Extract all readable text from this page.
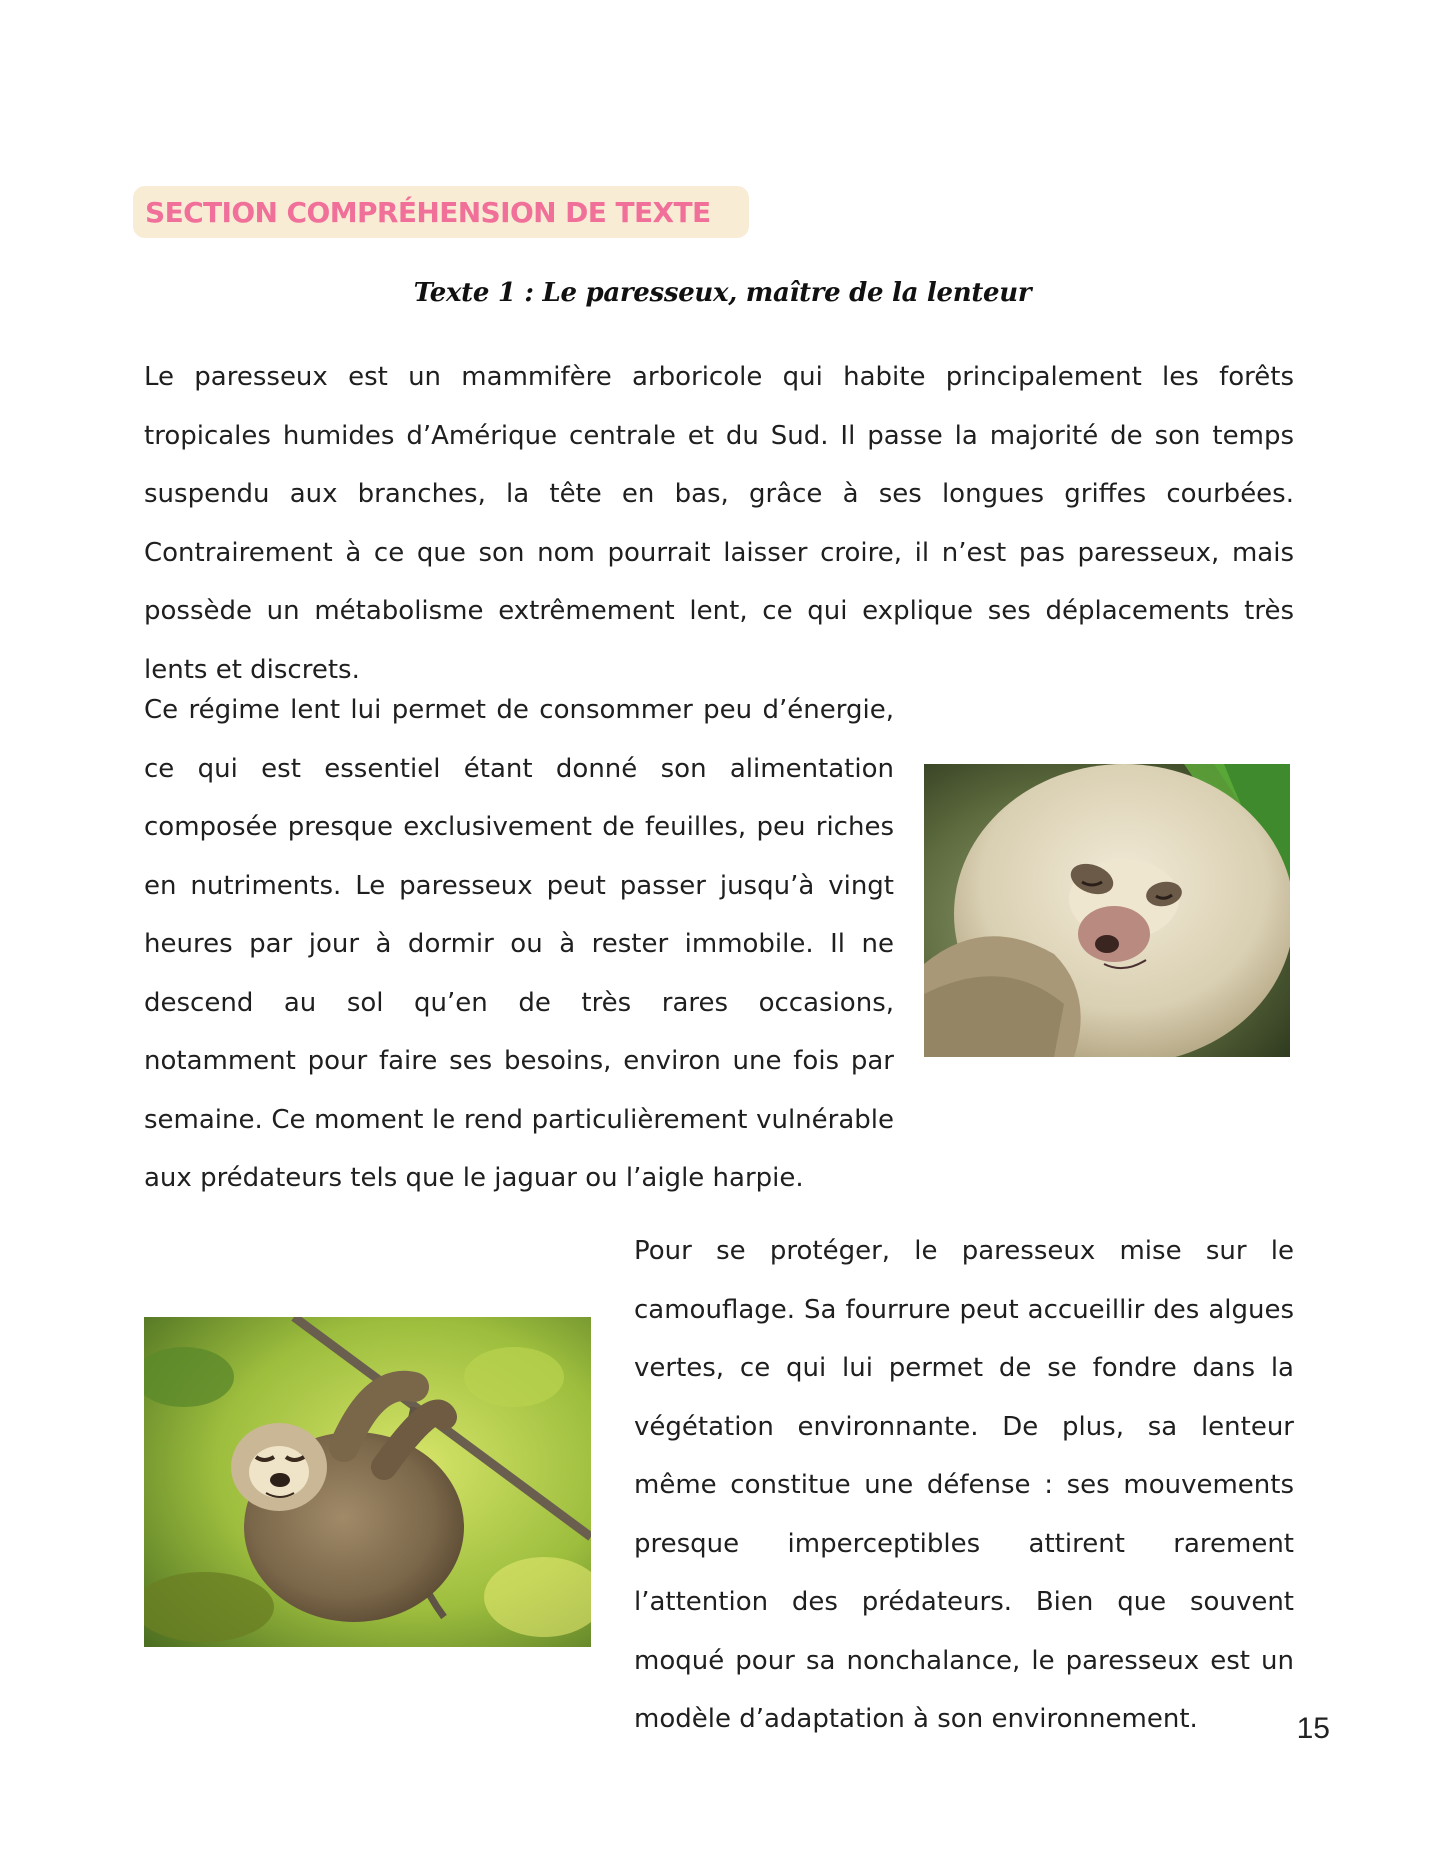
SECTION COMPRÉHENSION DE TEXTE
Texte 1 : Le paresseux, maître de la lenteur

Le paresseux est un mammifère arboricole qui habite principalement les forêts tropicales humides d’Amérique centrale et du Sud. Il passe la majorité de son temps suspendu aux branches, la tête en bas, grâce à ses longues griffes courbées. Contrairement à ce que son nom pourrait laisser croire, il n’est pas paresseux, mais possède un métabolisme extrêmement lent, ce qui explique ses déplacements très lents et discrets.

Ce régime lent lui permet de consommer peu d’énergie, ce qui est essentiel étant donné son alimentation composée presque exclusivement de feuilles, peu riches en nutriments. Le paresseux peut passer jusqu’à vingt heures par jour à dormir ou à rester immobile. Il ne descend au sol qu’en de très rares occasions, notamment pour faire ses besoins, environ une fois par semaine. Ce moment le rend particulièrement vulnérable aux prédateurs tels que le jaguar ou l’aigle harpie.

Pour se protéger, le paresseux mise sur le camouflage. Sa fourrure peut accueillir des algues vertes, ce qui lui permet de se fondre dans la végétation environnante. De plus, sa lenteur même constitue une défense : ses mouvements presque imperceptibles attirent rarement l’attention des prédateurs. Bien que souvent moqué pour sa nonchalance, le paresseux est un modèle d’adaptation à son environnement.	15
